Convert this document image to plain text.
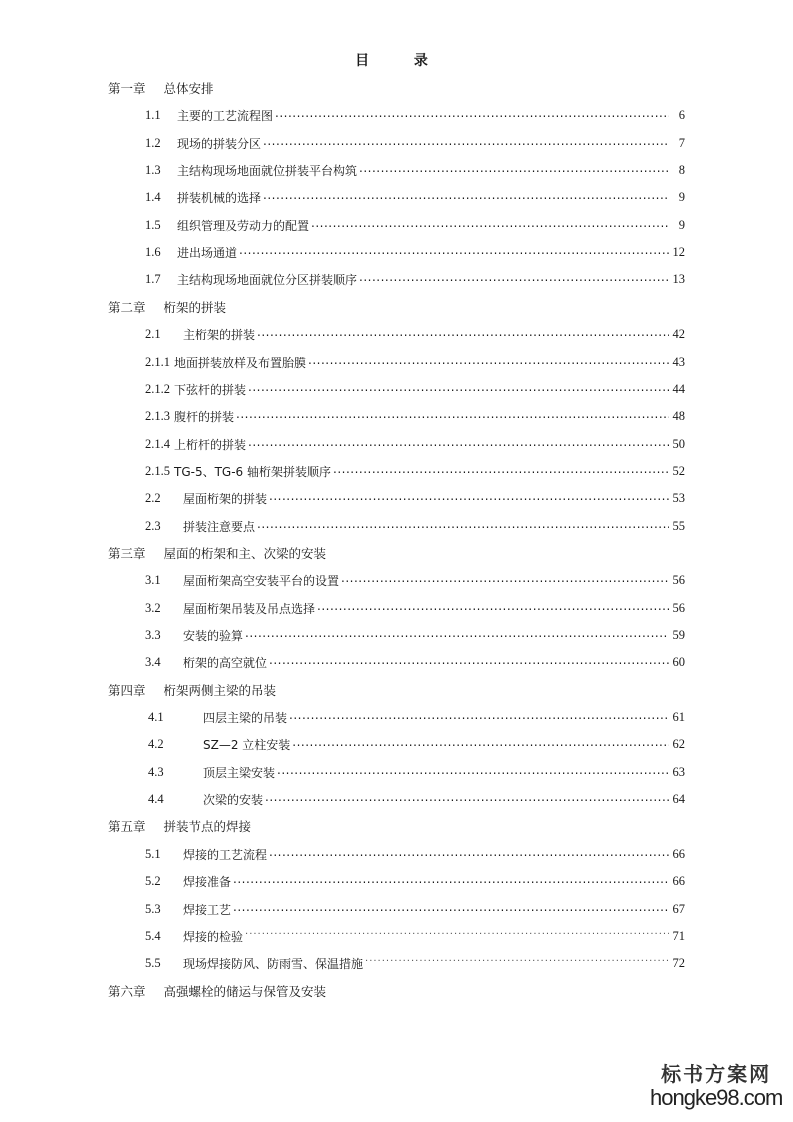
目 录
第一章 总体安排
1.1	主要的工艺流程图 .....	6
1.2	现场的拼装分区 .....	7
1.3	主结构现场地面就位拼装平台构筑 .....	8
1.4	拼装机械的选择 .....	9
1.5	组织管理及劳动力的配置 .....	9
1.6	进出场通道 .....	12
1.7	主结构现场地面就位分区拼装顺序 .....	13
第二章 桁架的拼装
2.1	主桁架的拼装 .....	42
2.1.1 地面拼装放样及布置胎膜 .....	43
2.1.2 下弦杆的拼装 .....	44
2.1.3 腹杆的拼装 .....	48
2.1.4 上桁杆的拼装 .....	50
2.1.5 TG-5、TG-6 轴桁架拼装顺序 .....	52
2.2	屋面桁架的拼装 .....	53
2.3	拼装注意要点 .....	55
第三章 屋面的桁架和主、次梁的安装
3.1	屋面桁架高空安装平台的设置 .....	56
3.2	屋面桁架吊装及吊点选择 .....	56
3.3	安装的验算 .....	59
3.4	桁架的高空就位 .....	60
第四章 桁架两侧主梁的吊装
4.1	四层主梁的吊装 .....	61
4.2	SZ—2 立柱安装 .....	62
4.3	顶层主梁安装 .....	63
4.4	次梁的安装 .....	64
第五章 拼装节点的焊接
5.1	焊接的工艺流程 .....	66
5.2	焊接准备 .....	66
5.3	焊接工艺 .....	67
5.4	焊接的检验 ·····	71
5.5	现场焊接防风、防雨雪、保温措施 ·····	72
第六章 高强螺栓的储运与保管及安装
标书方案网
hongke98.com
